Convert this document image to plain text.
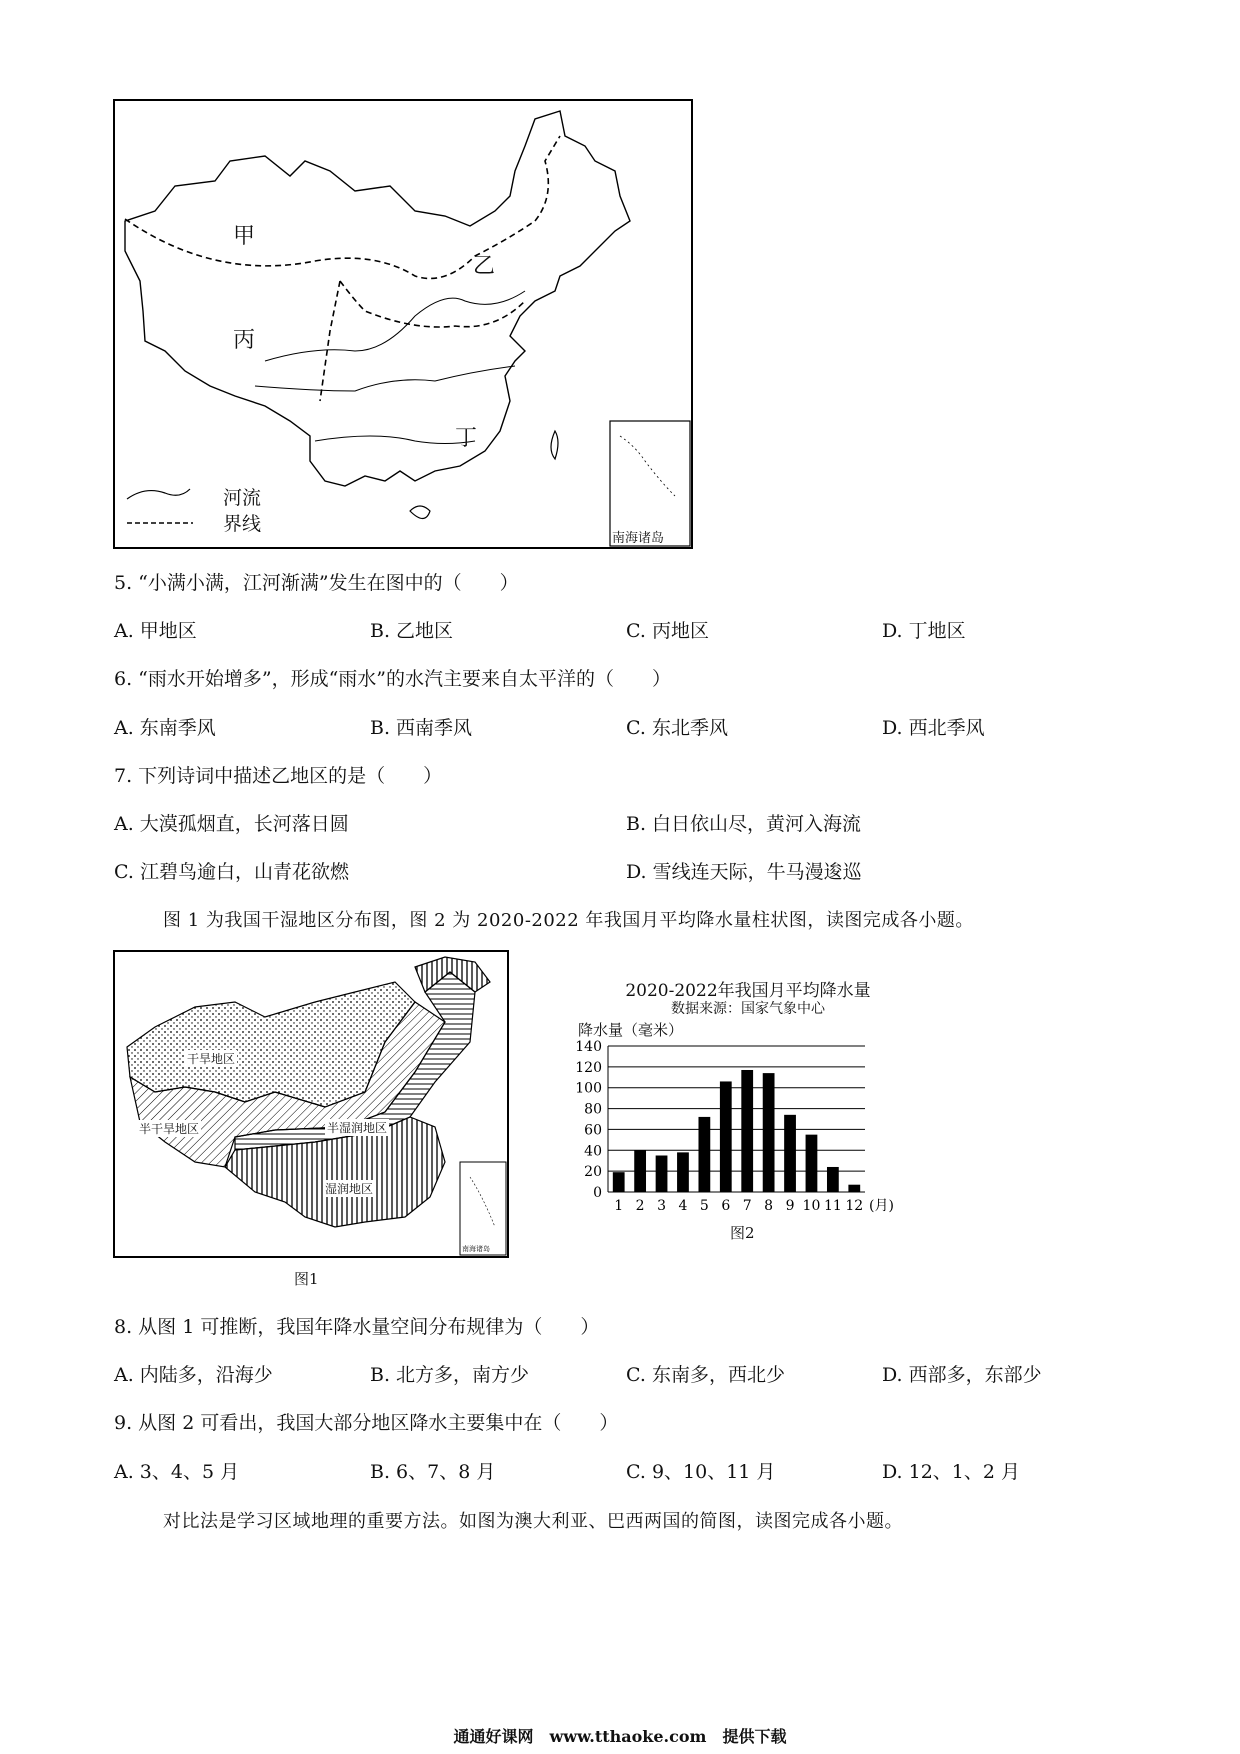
甲
乙
丙
丁
河流
界线
南海诸岛
5. “小满小满，江河渐满”发生在图中的（　　）
A. 甲地区	B. 乙地区	C. 丙地区	D. 丁地区
6. “雨水开始增多”，形成“雨水”的水汽主要来自太平洋的（　　）
A. 东南季风	B. 西南季风	C. 东北季风	D. 西北季风
7. 下列诗词中描述乙地区的是（　　）
A. 大漠孤烟直，长河落日圆	B. 白日依山尽，黄河入海流
C. 江碧鸟逾白，山青花欲燃	D. 雪线连天际，牛马漫逡巡
图 1 为我国干湿地区分布图，图 2 为 2020-2022 年我国月平均降水量柱状图，读图完成各小题。
干旱地区
半干旱地区	半湿润地区
湿润地区
南海诸岛
图1
2020-2022年我国月平均降水量
数据来源：国家气象中心
降水量（毫米）
0
20
40
60
80
100
120
140
1 2 3 4 5 6 7 8 9 10 11 12 (月)
图2
8. 从图 1 可推断，我国年降水量空间分布规律为（　　）
A. 内陆多，沿海少	B. 北方多，南方少	C. 东南多，西北少	D. 西部多，东部少
9. 从图 2 可看出，我国大部分地区降水主要集中在（　　）
A. 3、4、5 月	B. 6、7、8 月	C. 9、10、11 月	D. 12、1、2 月
对比法是学习区域地理的重要方法。如图为澳大利亚、巴西两国的简图，读图完成各小题。
通通好课网　www.tthaoke.com　提供下载
